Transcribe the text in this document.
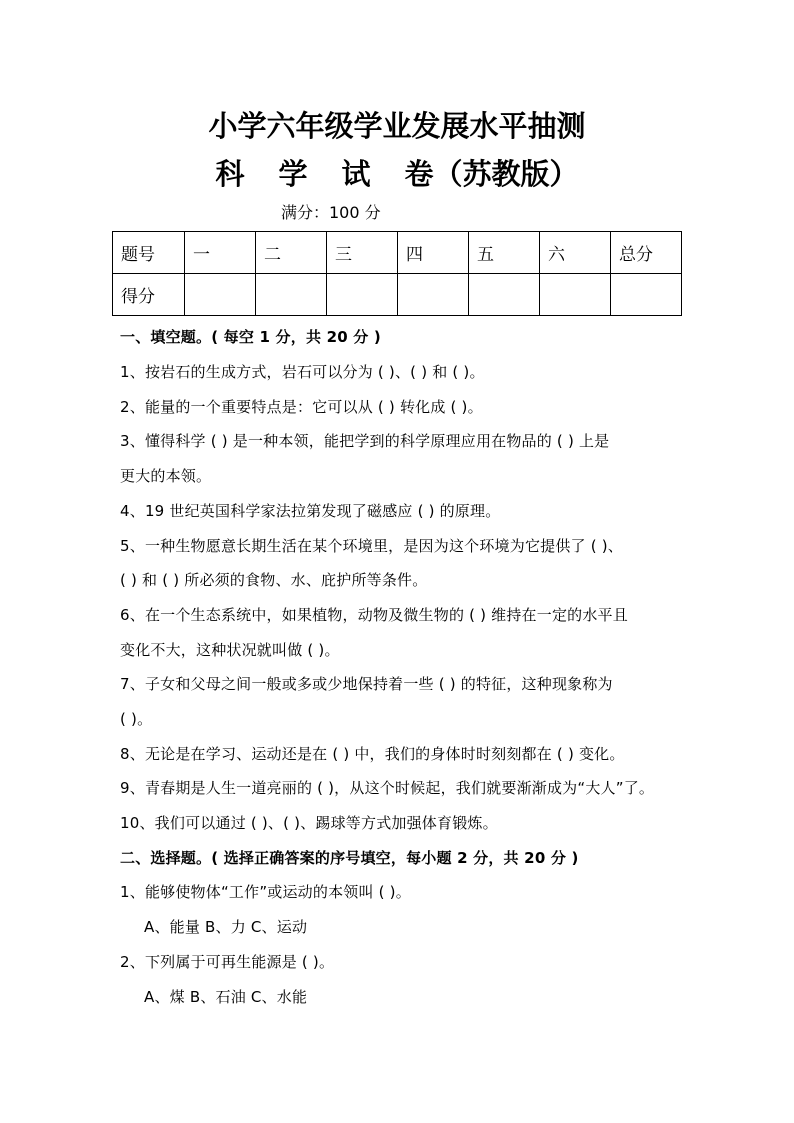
小学六年级学业发展水平抽测
科 学 试 卷（苏教版）
满分：100 分
题号	一	二	三	四	五	六	总分
得分							
一、填空题。( 每空 1 分，共 20 分 )
1、按岩石的生成方式，岩石可以分为 ( )、( ) 和 ( )。
2、能量的一个重要特点是：它可以从 ( ) 转化成 ( )。
3、懂得科学 ( ) 是一种本领，能把学到的科学原理应用在物品的 ( ) 上是
更大的本领。
4、19 世纪英国科学家法拉第发现了磁感应 ( ) 的原理。
5、一种生物愿意长期生活在某个环境里，是因为这个环境为它提供了 ( )、
( ) 和 ( ) 所必须的食物、水、庇护所等条件。
6、在一个生态系统中，如果植物，动物及微生物的 ( ) 维持在一定的水平且
变化不大，这种状况就叫做 ( )。
7、子女和父母之间一般或多或少地保持着一些 ( ) 的特征，这种现象称为
( )。
8、无论是在学习、运动还是在 ( ) 中，我们的身体时时刻刻都在 ( ) 变化。
9、青春期是人生一道亮丽的 ( )，从这个时候起，我们就要渐渐成为“大人”了。
10、我们可以通过 ( )、( )、踢球等方式加强体育锻炼。
二、选择题。( 选择正确答案的序号填空，每小题 2 分，共 20 分 )
1、能够使物体“工作”或运动的本领叫 ( )。
A、能量 B、力 C、运动
2、下列属于可再生能源是 ( )。
A、煤 B、石油 C、水能
